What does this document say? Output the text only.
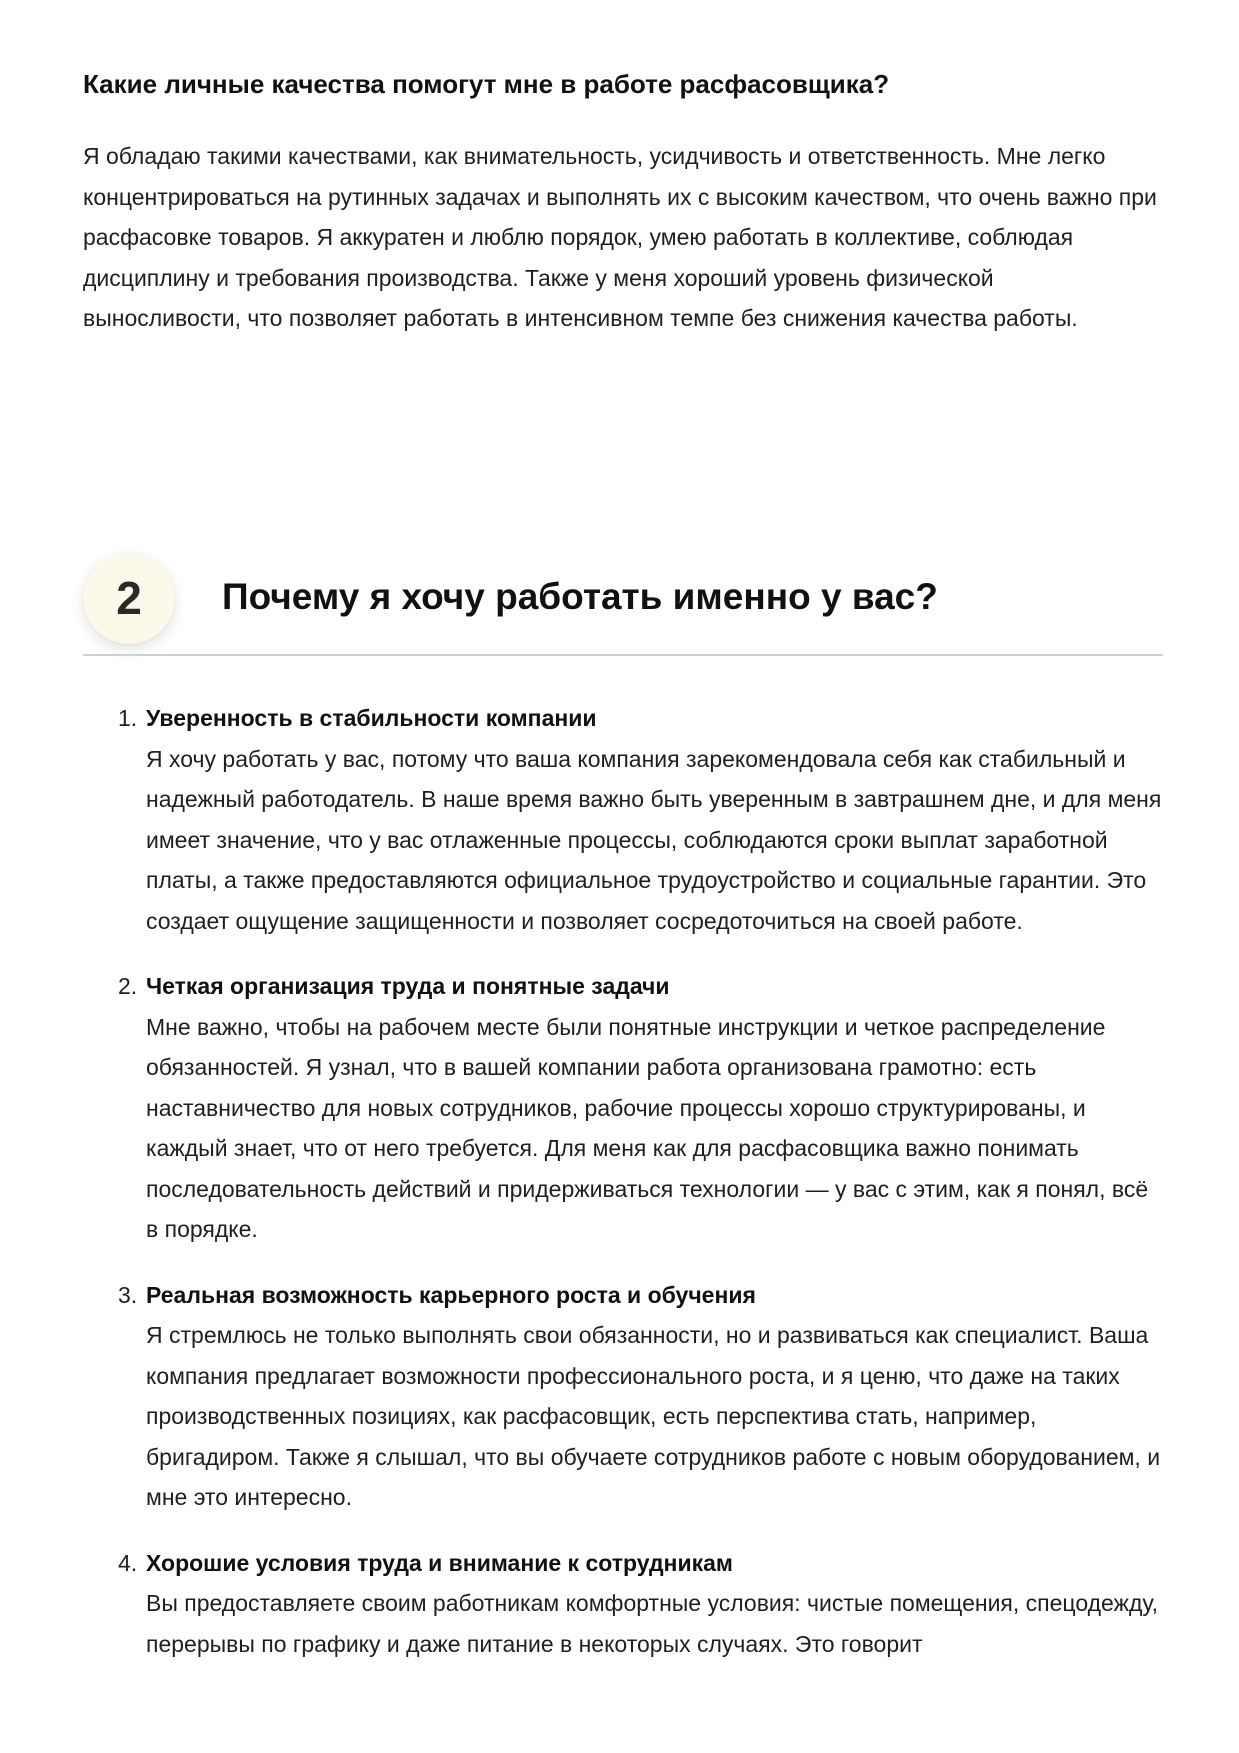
Какие личные качества помогут мне в работе расфасовщика?

Я обладаю такими качествами, как внимательность, усидчивость и ответственность. Мне легко концентрироваться на рутинных задачах и выполнять их с высоким качеством, что очень важно при расфасовке товаров. Я аккуратен и люблю порядок, умею работать в коллективе, соблюдая дисциплину и требования производства. Также у меня хороший уровень физической выносливости, что позволяет работать в интенсивном темпе без снижения качества работы.

2	Почему я хочу работать именно у вас?
1. Уверенность в стабильности компании
Я хочу работать у вас, потому что ваша компания зарекомендовала себя как стабильный и надежный работодатель. В наше время важно быть уверенным в завтрашнем дне, и для меня имеет значение, что у вас отлаженные процессы, соблюдаются сроки выплат заработной платы, а также предоставляются официальное трудоустройство и социальные гарантии. Это создает ощущение защищенности и позволяет сосредоточиться на своей работе.
2. Четкая организация труда и понятные задачи
Мне важно, чтобы на рабочем месте были понятные инструкции и четкое распределение обязанностей. Я узнал, что в вашей компании работа организована грамотно: есть наставничество для новых сотрудников, рабочие процессы хорошо структурированы, и каждый знает, что от него требуется. Для меня как для расфасовщика важно понимать последовательность действий и придерживаться технологии — у вас с этим, как я понял, всё в порядке.
3. Реальная возможность карьерного роста и обучения
Я стремлюсь не только выполнять свои обязанности, но и развиваться как специалист. Ваша компания предлагает возможности профессионального роста, и я ценю, что даже на таких производственных позициях, как расфасовщик, есть перспектива стать, например, бригадиром. Также я слышал, что вы обучаете сотрудников работе с новым оборудованием, и мне это интересно.
4. Хорошие условия труда и внимание к сотрудникам
Вы предоставляете своим работникам комфортные условия: чистые помещения, спецодежду, перерывы по графику и даже питание в некоторых случаях. Это говорит
